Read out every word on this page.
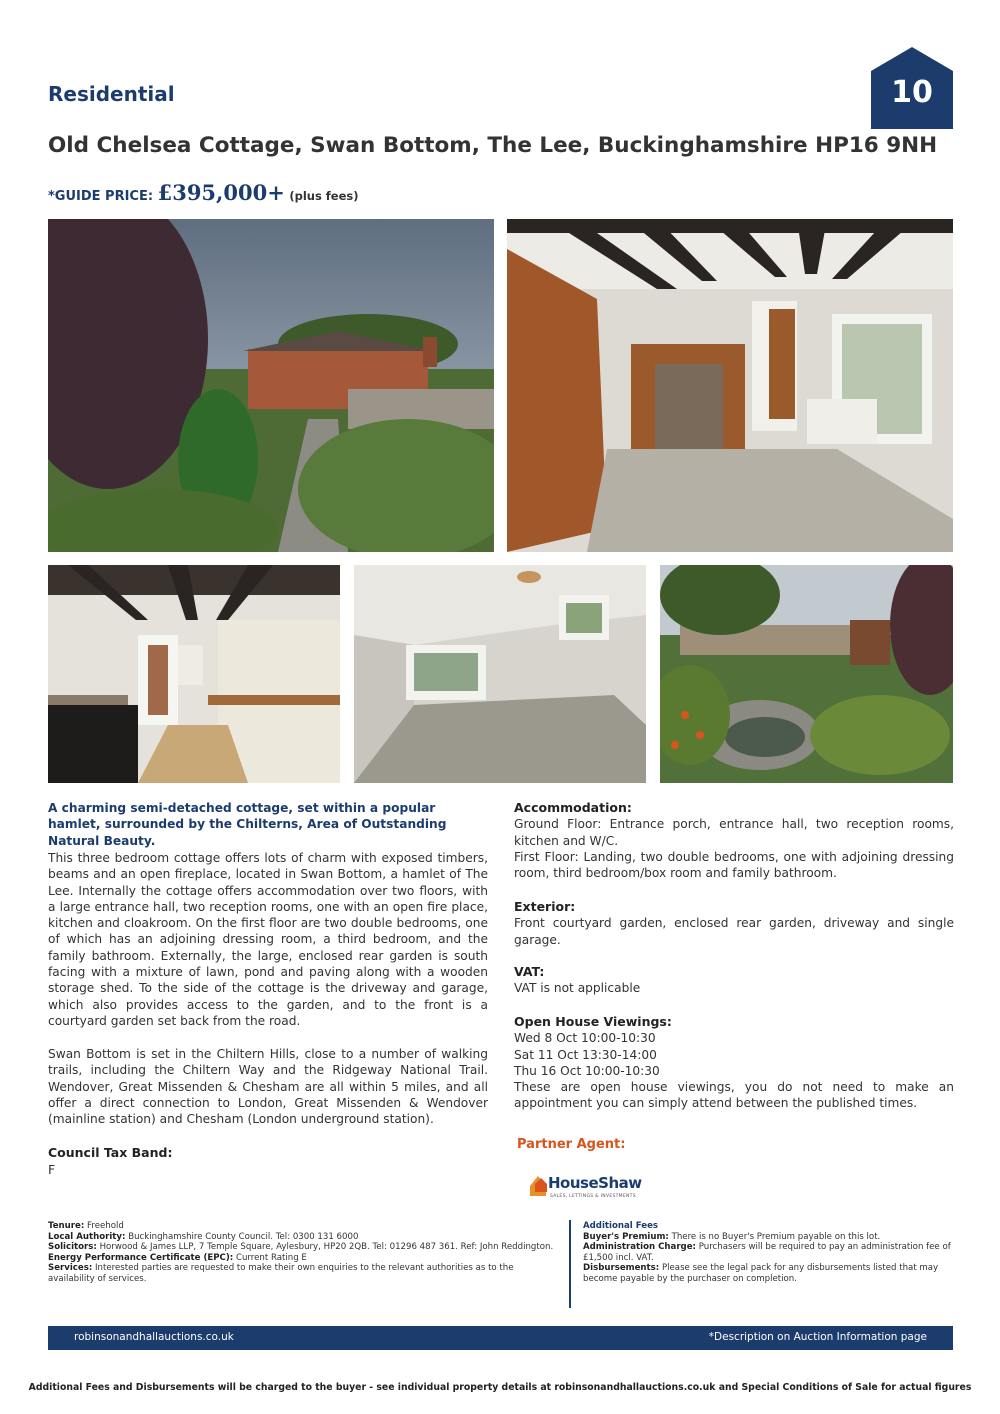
Residential	10
Old Chelsea Cottage, Swan Bottom, The Lee, Buckinghamshire HP16 9NH
*GUIDE PRICE: £395,000+ (plus fees)
A charming semi-detached cottage, set within a popular hamlet, surrounded by the Chilterns, Area of Outstanding Natural Beauty.
This three bedroom cottage offers lots of charm with exposed timbers, beams and an open fireplace, located in Swan Bottom, a hamlet of The Lee. Internally the cottage offers accommodation over two floors, with a large entrance hall, two reception rooms, one with an open fire place, kitchen and cloakroom. On the first floor are two double bedrooms, one of which has an adjoining dressing room, a third bedroom, and the family bathroom. Externally, the large, enclosed rear garden is south facing with a mixture of lawn, pond and paving along with a wooden storage shed. To the side of the cottage is the driveway and garage, which also provides access to the garden, and to the front is a courtyard garden set back from the road.
Swan Bottom is set in the Chiltern Hills, close to a number of walking trails, including the Chiltern Way and the Ridgeway National Trail. Wendover, Great Missenden & Chesham are all within 5 miles, and all offer a direct connection to London, Great Missenden & Wendover (mainline station) and Chesham (London underground station).
Council Tax Band:
F
Accommodation:
Ground Floor: Entrance porch, entrance hall, two reception rooms, kitchen and W/C.
First Floor: Landing, two double bedrooms, one with adjoining dressing room, third bedroom/box room and family bathroom.
Exterior:
Front courtyard garden, enclosed rear garden, driveway and single garage.
VAT:
VAT is not applicable
Open House Viewings:
Wed 8 Oct 10:00-10:30
Sat 11 Oct 13:30-14:00
Thu 16 Oct 10:00-10:30
These are open house viewings, you do not need to make an appointment you can simply attend between the published times.
Partner Agent:
HouseShaw
SALES, LETTINGS & INVESTMENTS
Tenure: Freehold
Local Authority: Buckinghamshire County Council. Tel: 0300 131 6000
Solicitors: Horwood & James LLP, 7 Temple Square, Aylesbury, HP20 2QB. Tel: 01296 487 361. Ref: John Reddington.
Energy Performance Certificate (EPC): Current Rating E
Services: Interested parties are requested to make their own enquiries to the relevant authorities as to the availability of services.
Additional Fees
Buyer's Premium: There is no Buyer's Premium payable on this lot.
Administration Charge: Purchasers will be required to pay an administration fee of £1,500 incl. VAT.
Disbursements: Please see the legal pack for any disbursements listed that may become payable by the purchaser on completion.
robinsonandhallauctions.co.uk	*Description on Auction Information page
Additional Fees and Disbursements will be charged to the buyer - see individual property details at robinsonandhallauctions.co.uk and Special Conditions of Sale for actual figures
